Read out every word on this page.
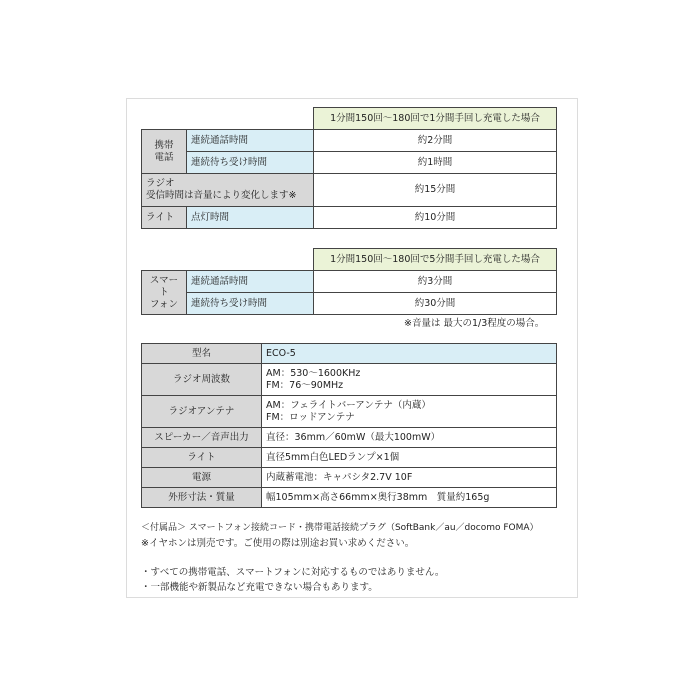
		1分間150回〜180回で1分間手回し充電した場合
携帯
電話	連続通話時間	約2分間
	連続待ち受け時間	約1時間
ラジオ
受信時間は音量により変化します※		約15分間
ライト	点灯時間	約10分間
		1分間150回〜180回で5分間手回し充電した場合
スマート
フォン	連続通話時間	約3分間
	連続待ち受け時間	約30分間
※音量は 最大の1/3程度の場合。
型名	ECO-5
ラジオ周波数	AM：530〜1600KHz
FM：76〜90MHz
ラジオアンテナ	AM：フェライトバーアンテナ（内蔵）
FM：ロッドアンテナ
スピーカー／音声出力	直径：36mm／60mW（最大100mW）
ライト	直径5mm白色LEDランプ×1個
電源	内蔵蓄電池：キャパシタ2.7V 10F
外形寸法・質量	幅105mm×高さ66mm×奥行38mm　質量約165g
＜付属品＞ スマートフォン接続コード・携帯電話接続プラグ（SoftBank／au／docomo FOMA）
※イヤホンは別売です。ご使用の際は別途お買い求めください。
・すべての携帯電話、スマートフォンに対応するものではありません。
・一部機能や新製品など充電できない場合もあります。
